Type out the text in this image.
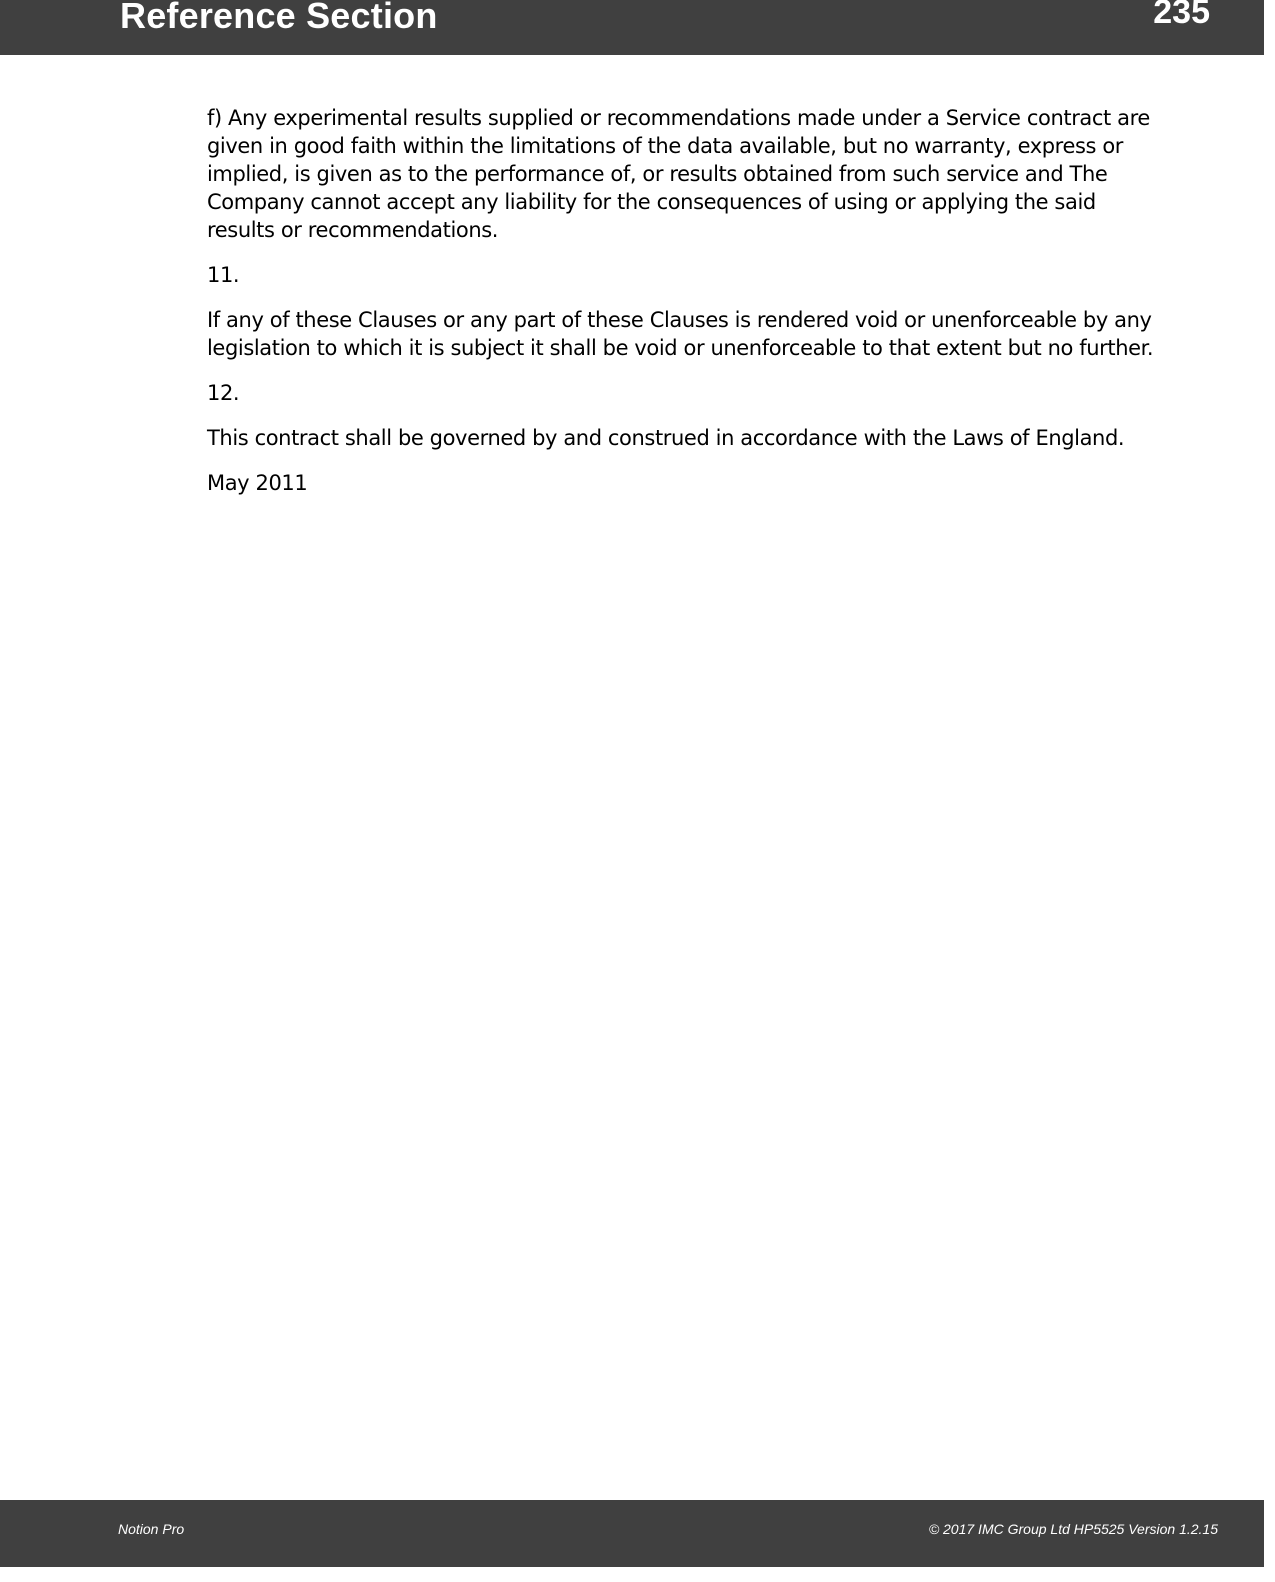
Reference Section	235

f) Any experimental results supplied or recommendations made under a Service contract are given in good faith within the limitations of the data available, but no warranty, express or implied, is given as to the performance of, or results obtained from such service and The Company cannot accept any liability for the consequences of using or applying the said results or recommendations.

11.

If any of these Clauses or any part of these Clauses is rendered void or unenforceable by any legislation to which it is subject it shall be void or unenforceable to that extent but no further.

12.

This contract shall be governed by and construed in accordance with the Laws of England.

May 2011

Notion Pro	© 2017 IMC Group Ltd HP5525 Version 1.2.15
